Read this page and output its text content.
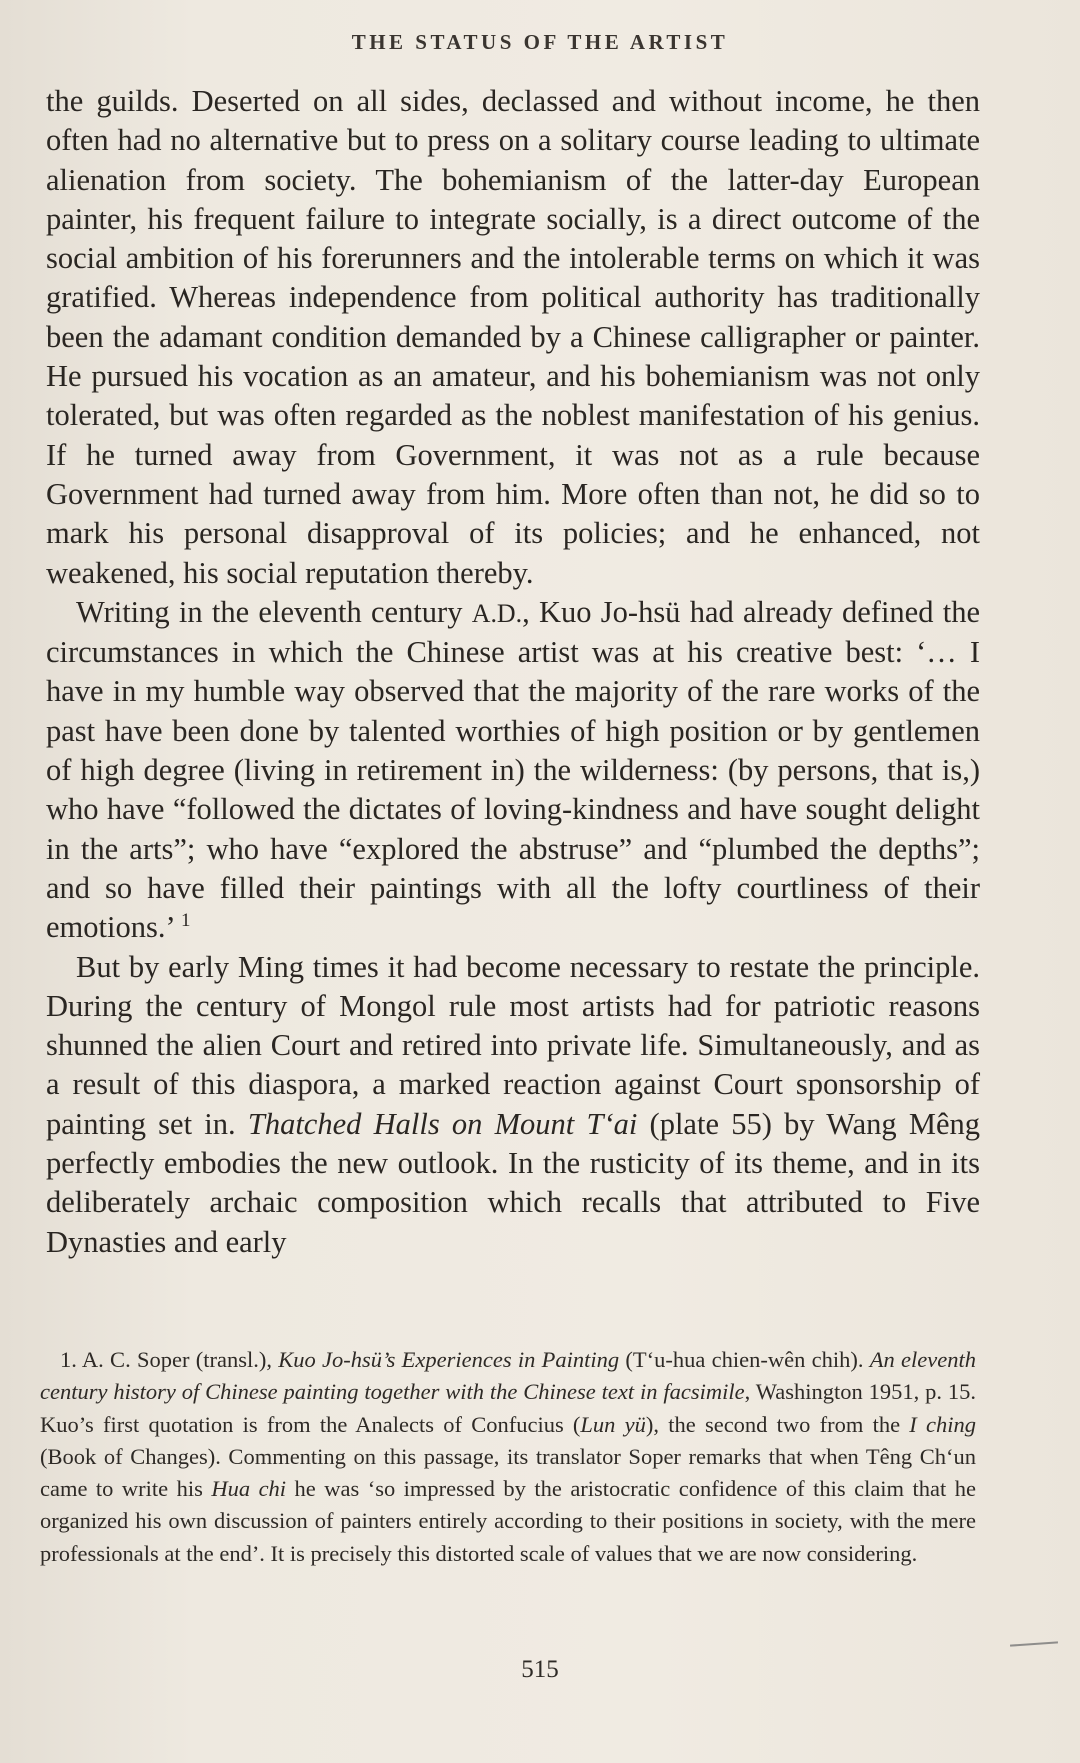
THE STATUS OF THE ARTIST

the guilds. Deserted on all sides, declassed and without income, he then often had no alternative but to press on a solitary course leading to ultimate alienation from society. The bohemianism of the latter-day European painter, his frequent failure to integrate socially, is a direct outcome of the social ambition of his forerunners and the intolerable terms on which it was gratified. Whereas independence from political authority has traditionally been the adamant condition demanded by a Chinese calligrapher or painter. He pursued his vocation as an amateur, and his bohemianism was not only tolerated, but was often regarded as the noblest manifestation of his genius. If he turned away from Government, it was not as a rule because Government had turned away from him. More often than not, he did so to mark his personal disapproval of its policies; and he enhanced, not weakened, his social reputation thereby.

Writing in the eleventh century A.D., Kuo Jo-hsü had already defined the circumstances in which the Chinese artist was at his creative best: ‘… I have in my humble way observed that the majority of the rare works of the past have been done by talented worthies of high position or by gentlemen of high degree (living in retirement in) the wilderness: (by persons, that is,) who have “followed the dictates of loving-kindness and have sought delight in the arts”; who have “explored the abstruse” and “plumbed the depths”; and so have filled their paintings with all the lofty courtliness of their emotions.’ $^1$

But by early Ming times it had become necessary to restate the principle. During the century of Mongol rule most artists had for patriotic reasons shunned the alien Court and retired into private life. Simultaneously, and as a result of this diaspora, a marked reaction against Court sponsorship of painting set in. Thatched Halls on Mount T‘ai (plate 55) by Wang Mêng perfectly embodies the new outlook. In the rusticity of its theme, and in its deliberately archaic composition which recalls that attributed to Five Dynasties and early

1. A. C. Soper (transl.), Kuo Jo-hsü’s Experiences in Painting (T‘u-hua chien-wên chih). An eleventh century history of Chinese painting together with the Chinese text in facsimile, Washington 1951, p. 15. Kuo’s first quotation is from the Analects of Confucius (Lun yü), the second two from the I ching (Book of Changes). Commenting on this passage, its translator Soper remarks that when Têng Ch‘un came to write his Hua chi he was ‘so impressed by the aristocratic confidence of this claim that he organized his own discussion of painters entirely according to their positions in society, with the mere professionals at the end’. It is precisely this distorted scale of values that we are now considering.

515
